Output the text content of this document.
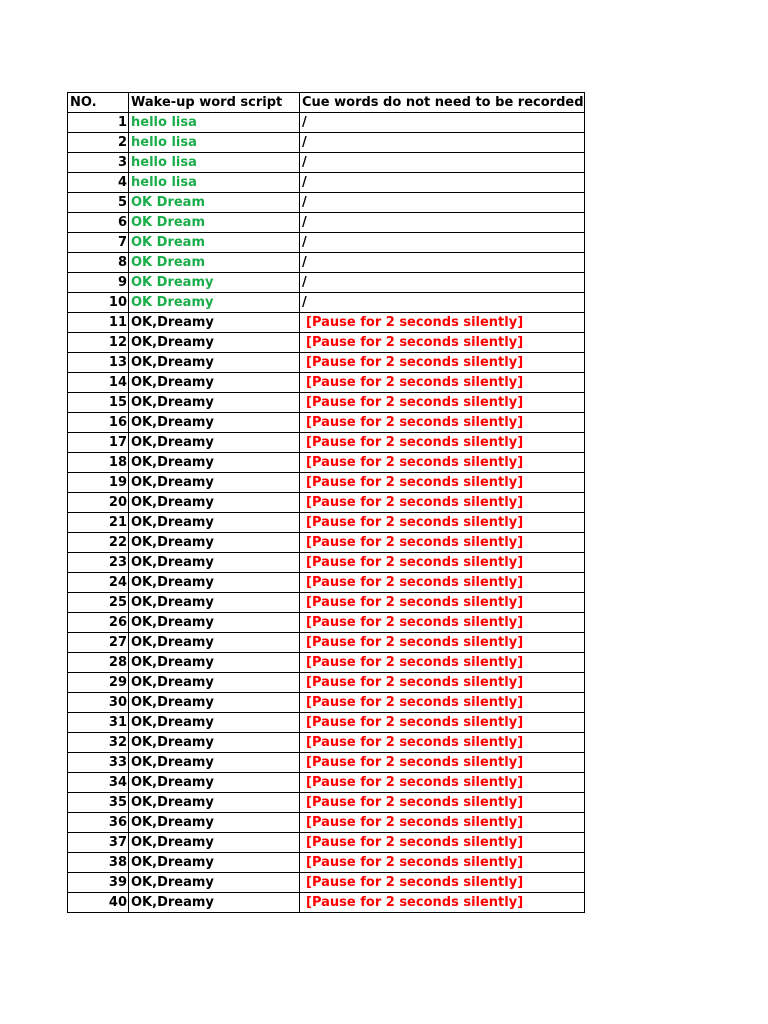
NO.	Wake-up word script	Cue words do not need to be recorded
1	hello lisa	/
2	hello lisa	/
3	hello lisa	/
4	hello lisa	/
5	OK Dream	/
6	OK Dream	/
7	OK Dream	/
8	OK Dream	/
9	OK Dreamy	/
10	OK Dreamy	/
11	OK,Dreamy	[Pause for 2 seconds silently]
12	OK,Dreamy	[Pause for 2 seconds silently]
13	OK,Dreamy	[Pause for 2 seconds silently]
14	OK,Dreamy	[Pause for 2 seconds silently]
15	OK,Dreamy	[Pause for 2 seconds silently]
16	OK,Dreamy	[Pause for 2 seconds silently]
17	OK,Dreamy	[Pause for 2 seconds silently]
18	OK,Dreamy	[Pause for 2 seconds silently]
19	OK,Dreamy	[Pause for 2 seconds silently]
20	OK,Dreamy	[Pause for 2 seconds silently]
21	OK,Dreamy	[Pause for 2 seconds silently]
22	OK,Dreamy	[Pause for 2 seconds silently]
23	OK,Dreamy	[Pause for 2 seconds silently]
24	OK,Dreamy	[Pause for 2 seconds silently]
25	OK,Dreamy	[Pause for 2 seconds silently]
26	OK,Dreamy	[Pause for 2 seconds silently]
27	OK,Dreamy	[Pause for 2 seconds silently]
28	OK,Dreamy	[Pause for 2 seconds silently]
29	OK,Dreamy	[Pause for 2 seconds silently]
30	OK,Dreamy	[Pause for 2 seconds silently]
31	OK,Dreamy	[Pause for 2 seconds silently]
32	OK,Dreamy	[Pause for 2 seconds silently]
33	OK,Dreamy	[Pause for 2 seconds silently]
34	OK,Dreamy	[Pause for 2 seconds silently]
35	OK,Dreamy	[Pause for 2 seconds silently]
36	OK,Dreamy	[Pause for 2 seconds silently]
37	OK,Dreamy	[Pause for 2 seconds silently]
38	OK,Dreamy	[Pause for 2 seconds silently]
39	OK,Dreamy	[Pause for 2 seconds silently]
40	OK,Dreamy	[Pause for 2 seconds silently]
